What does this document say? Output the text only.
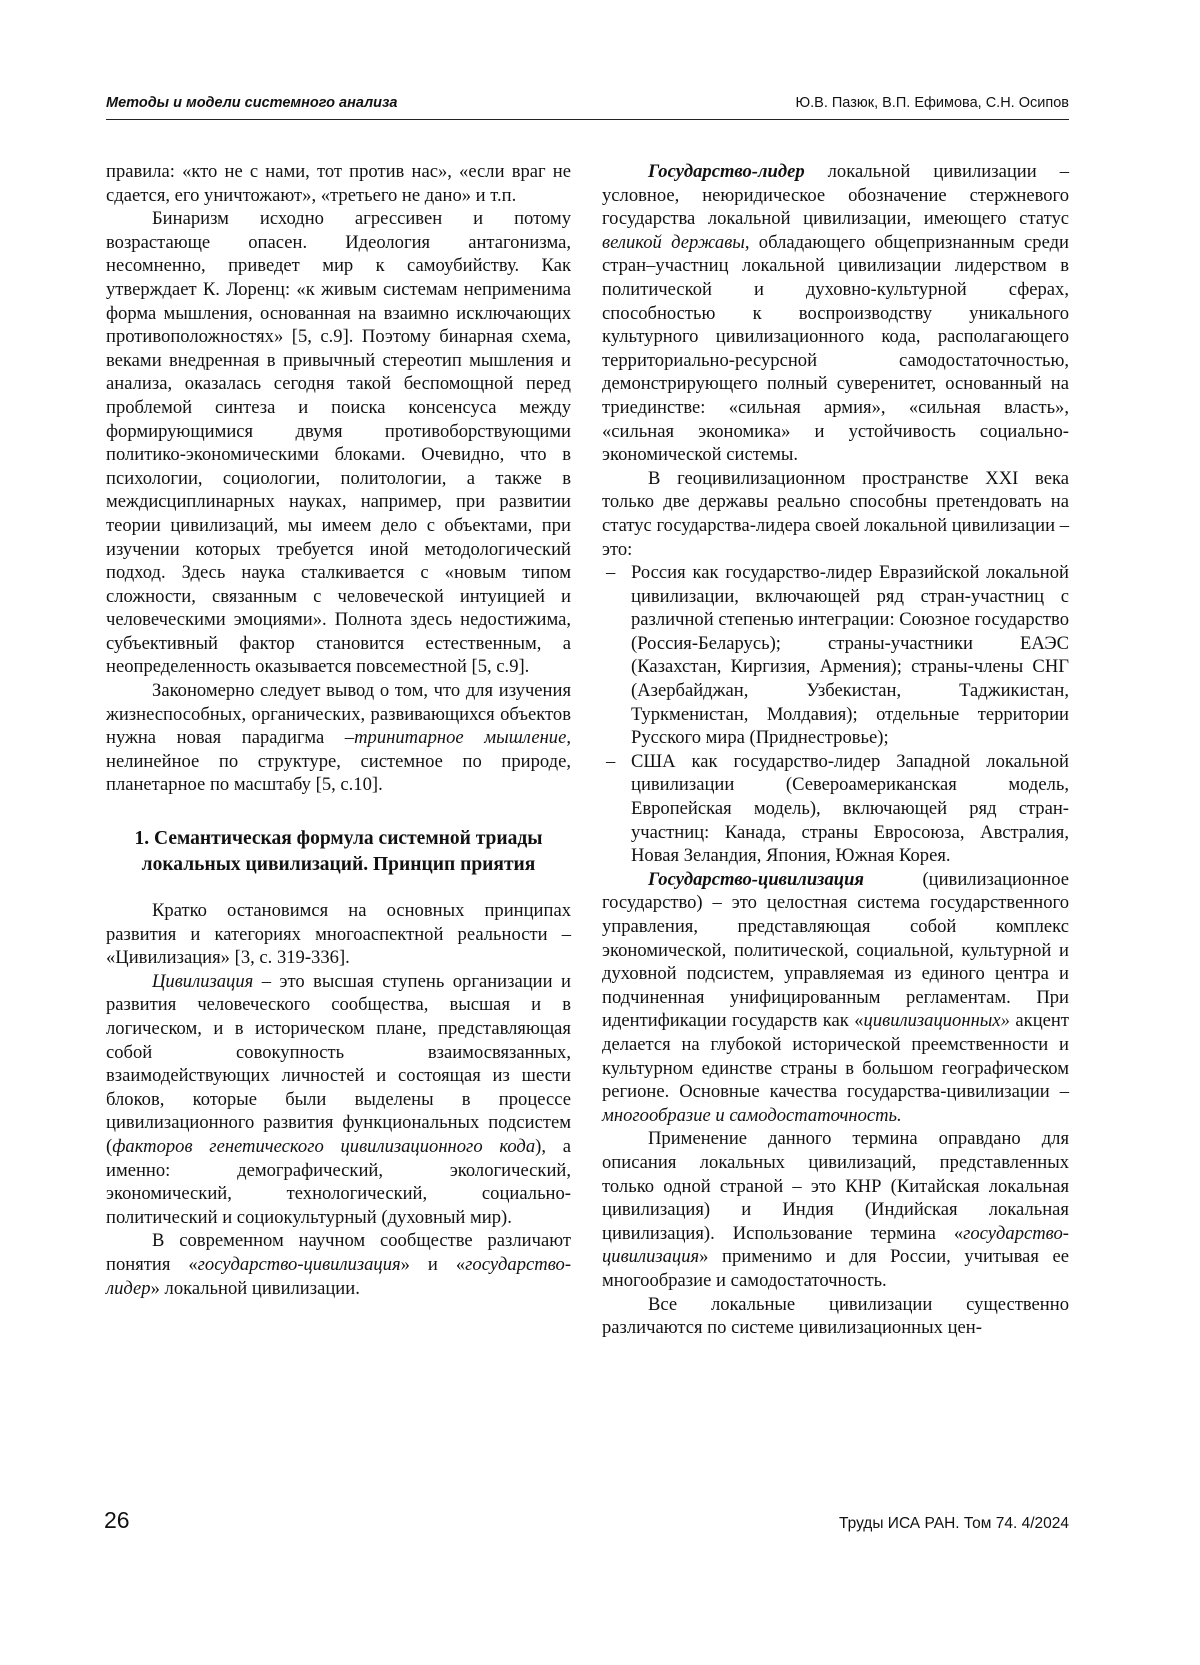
Методы и модели системного анализа	Ю.В. Пазюк, В.П. Ефимова, С.Н. Осипов

правила: «кто не с нами, тот против нас», «если враг не сдается, его уничтожают», «третьего не дано» и т.п.

Бинаризм исходно агрессивен и потому возрастающе опасен. Идеология антагонизма, несомненно, приведет мир к самоубийству. Как утверждает К. Лоренц: «к живым системам неприменима форма мышления, основанная на взаимно исключающих противоположностях» [5, с.9]. Поэтому бинарная схема, веками внедренная в привычный стереотип мышления и анализа, оказалась сегодня такой беспомощной перед проблемой синтеза и поиска консенсуса между формирующимися двумя противоборствующими политико-экономическими блоками. Очевидно, что в психологии, социологии, политологии, а также в междисциплинарных науках, например, при развитии теории цивилизаций, мы имеем дело с объектами, при изучении которых требуется иной методологический подход. Здесь наука сталкивается с «новым типом сложности, связанным с человеческой интуицией и человеческими эмоциями». Полнота здесь недостижима, субъективный фактор становится естественным, а неопределенность оказывается повсеместной [5, с.9].

Закономерно следует вывод о том, что для изучения жизнеспособных, органических, развивающихся объектов нужна новая парадигма –тринитарное мышление, нелинейное по структуре, системное по природе, планетарное по масштабу [5, с.10].

1. Семантическая формула системной триады локальных цивилизаций. Принцип приятия

Кратко остановимся на основных принципах развития и категориях многоаспектной реальности – «Цивилизация» [3, с. 319-336].

Цивилизация – это высшая ступень организации и развития человеческого сообщества, высшая и в логическом, и в историческом плане, представляющая собой совокупность взаимосвязанных, взаимодействующих личностей и состоящая из шести блоков, которые были выделены в процессе цивилизационного развития функциональных подсистем (факторов генетического цивилизационного кода), а именно: демографический, экологический, экономический, технологический, социально-политический и социокультурный (духовный мир).

В современном научном сообществе различают понятия «государство-цивилизация» и «государство-лидер» локальной цивилизации.

Государство-лидер локальной цивилизации – условное, неюридическое обозначение стержневого государства локальной цивилизации, имеющего статус великой державы, обладающего общепризнанным среди стран–участниц локальной цивилизации лидерством в политической и духовно-культурной сферах, способностью к воспроизводству уникального культурного цивилизационного кода, располагающего территориально-ресурсной самодостаточностью, демонстрирующего полный суверенитет, основанный на триединстве: «сильная армия», «сильная власть», «сильная экономика» и устойчивость социально-экономической системы.

В геоцивилизационном пространстве XXI века только две державы реально способны претендовать на статус государства-лидера своей локальной цивилизации – это:

– Россия как государство-лидер Евразийской локальной цивилизации, включающей ряд стран-участниц с различной степенью интеграции: Союзное государство (Россия-Беларусь); страны-участники ЕАЭС (Казахстан, Киргизия, Армения); страны-члены СНГ (Азербайджан, Узбекистан, Таджикистан, Туркменистан, Молдавия); отдельные территории Русского мира (Приднестровье);

– США как государство-лидер Западной локальной цивилизации (Североамериканская модель, Европейская модель), включающей ряд стран-участниц: Канада, страны Евросоюза, Австралия, Новая Зеландия, Япония, Южная Корея.

Государство-цивилизация (цивилизационное государство) – это целостная система государственного управления, представляющая собой комплекс экономической, политической, социальной, культурной и духовной подсистем, управляемая из единого центра и подчиненная унифицированным регламентам. При идентификации государств как «цивилизационных» акцент делается на глубокой исторической преемственности и культурном единстве страны в большом географическом регионе. Основные качества государства-цивилизации – многообразие и самодостаточность.

Применение данного термина оправдано для описания локальных цивилизаций, представленных только одной страной – это КНР (Китайская локальная цивилизация) и Индия (Индийская локальная цивилизация). Использование термина «государство-цивилизация» применимо и для России, учитывая ее многообразие и самодостаточность.

Все локальные цивилизации существенно различаются по системе цивилизационных цен-

26	Труды ИСА РАН. Том 74. 4/2024
